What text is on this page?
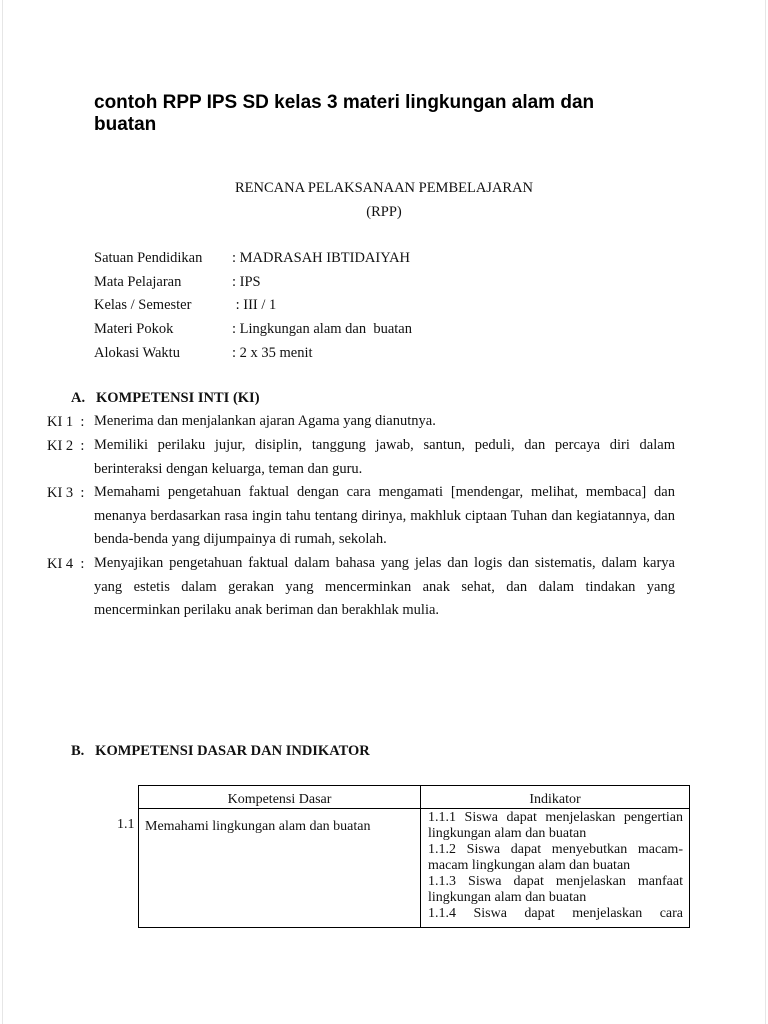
contoh RPP IPS SD kelas 3 materi lingkungan alam dan buatan
RENCANA PELAKSANAAN PEMBELAJARAN
(RPP)
Satuan Pendidikan : MADRASAH IBTIDAIYAH
Mata Pelajaran	: IPS
Kelas / Semester	: III / 1
Materi Pokok	: Lingkungan alam dan  buatan
Alokasi Waktu	: 2 x 35 menit
A.   KOMPETENSI INTI (KI)
KI 1  : Menerima dan menjalankan ajaran Agama yang dianutnya.
KI 2  : Memiliki perilaku jujur, disiplin, tanggung jawab, santun, peduli, dan percaya diri dalam berinteraksi dengan keluarga, teman dan guru.
KI 3  : Memahami pengetahuan faktual dengan cara mengamati [mendengar, melihat, membaca] dan menanya berdasarkan rasa ingin tahu tentang dirinya, makhluk ciptaan Tuhan dan kegiatannya, dan benda-benda yang dijumpainya di rumah, sekolah.
KI 4  : Menyajikan pengetahuan faktual dalam bahasa yang jelas dan logis dan sistematis, dalam karya yang estetis dalam gerakan yang mencerminkan anak sehat, dan dalam tindakan yang mencerminkan perilaku anak beriman dan berakhlak mulia.
B.   KOMPETENSI DASAR DAN INDIKATOR
1.1
Kompetensi Dasar	Indikator
Memahami lingkungan alam dan buatan	1.1.1 Siswa dapat menjelaskan pengertian lingkungan alam dan buatan
1.1.2 Siswa dapat menyebutkan macam-macam lingkungan alam dan buatan
1.1.3 Siswa dapat menjelaskan manfaat lingkungan alam dan buatan
1.1.4 Siswa dapat menjelaskan cara
